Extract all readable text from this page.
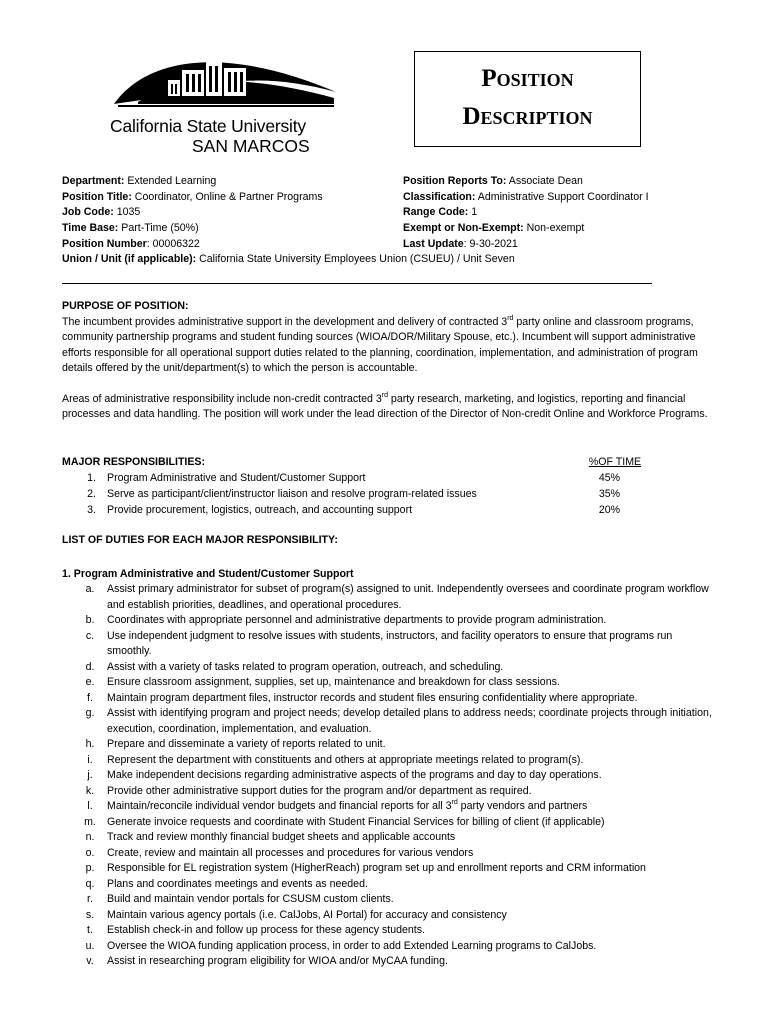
California State University
SAN MARCOS
Position
Description
Department: Extended Learning
Position Title: Coordinator, Online & Partner Programs
Job Code: 1035
Time Base: Part-Time (50%)
Position Number: 00006322
Union / Unit (if applicable): California State University Employees Union (CSUEU) / Unit Seven
Position Reports To: Associate Dean
Classification: Administrative Support Coordinator I
Range Code: 1
Exempt or Non-Exempt: Non-exempt
Last Update: 9-30-2021
PURPOSE OF POSITION:

The incumbent provides administrative support in the development and delivery of contracted 3rd party online and classroom programs, community partnership programs and student funding sources (WIOA/DOR/Military Spouse, etc.). Incumbent will support administrative efforts responsible for all operational support duties related to the planning, coordination, implementation, and administration of program details offered by the unit/department(s) to which the person is accountable.

Areas of administrative responsibility include non-credit contracted 3rd party research, marketing, and logistics, reporting and financial processes and data handling. The position will work under the lead direction of the Director of Non-credit Online and Workforce Programs.

MAJOR RESPONSIBILITIES:	%OF TIME
1. Program Administrative and Student/Customer Support	45%
2. Serve as participant/client/instructor liaison and resolve program-related issues	35%
3. Provide procurement, logistics, outreach, and accounting support	20%
LIST OF DUTIES FOR EACH MAJOR RESPONSIBILITY:
1. Program Administrative and Student/Customer Support
a. Assist primary administrator for subset of program(s) assigned to unit. Independently oversees and coordinate program workflow and establish priorities, deadlines, and operational procedures.
b. Coordinates with appropriate personnel and administrative departments to provide program administration.
c. Use independent judgment to resolve issues with students, instructors, and facility operators to ensure that programs run smoothly.
d. Assist with a variety of tasks related to program operation, outreach, and scheduling.
e. Ensure classroom assignment, supplies, set up, maintenance and breakdown for class sessions.
f. Maintain program department files, instructor records and student files ensuring confidentiality where appropriate.
g. Assist with identifying program and project needs; develop detailed plans to address needs; coordinate projects through initiation, execution, coordination, implementation, and evaluation.
h. Prepare and disseminate a variety of reports related to unit.
i.	Represent the department with constituents and others at appropriate meetings related to program(s).
j.	Make independent decisions regarding administrative aspects of the programs and day to day operations.
k. Provide other administrative support duties for the program and/or department as required.
l.	Maintain/reconcile individual vendor budgets and financial reports for all 3rd party vendors and partners
m. Generate invoice requests and coordinate with Student Financial Services for billing of client (if applicable)
n. Track and review monthly financial budget sheets and applicable accounts
o. Create, review and maintain all processes and procedures for various vendors
p. Responsible for EL registration system (HigherReach) program set up and enrollment reports and CRM information
q. Plans and coordinates meetings and events as needed.
r. Build and maintain vendor portals for CSUSM custom clients.
s. Maintain various agency portals (i.e. CalJobs, AI Portal) for accuracy and consistency
t. Establish check-in and follow up process for these agency students.
u. Oversee the WIOA funding application process, in order to add Extended Learning programs to CalJobs.
v. Assist in researching program eligibility for WIOA and/or MyCAA funding.
